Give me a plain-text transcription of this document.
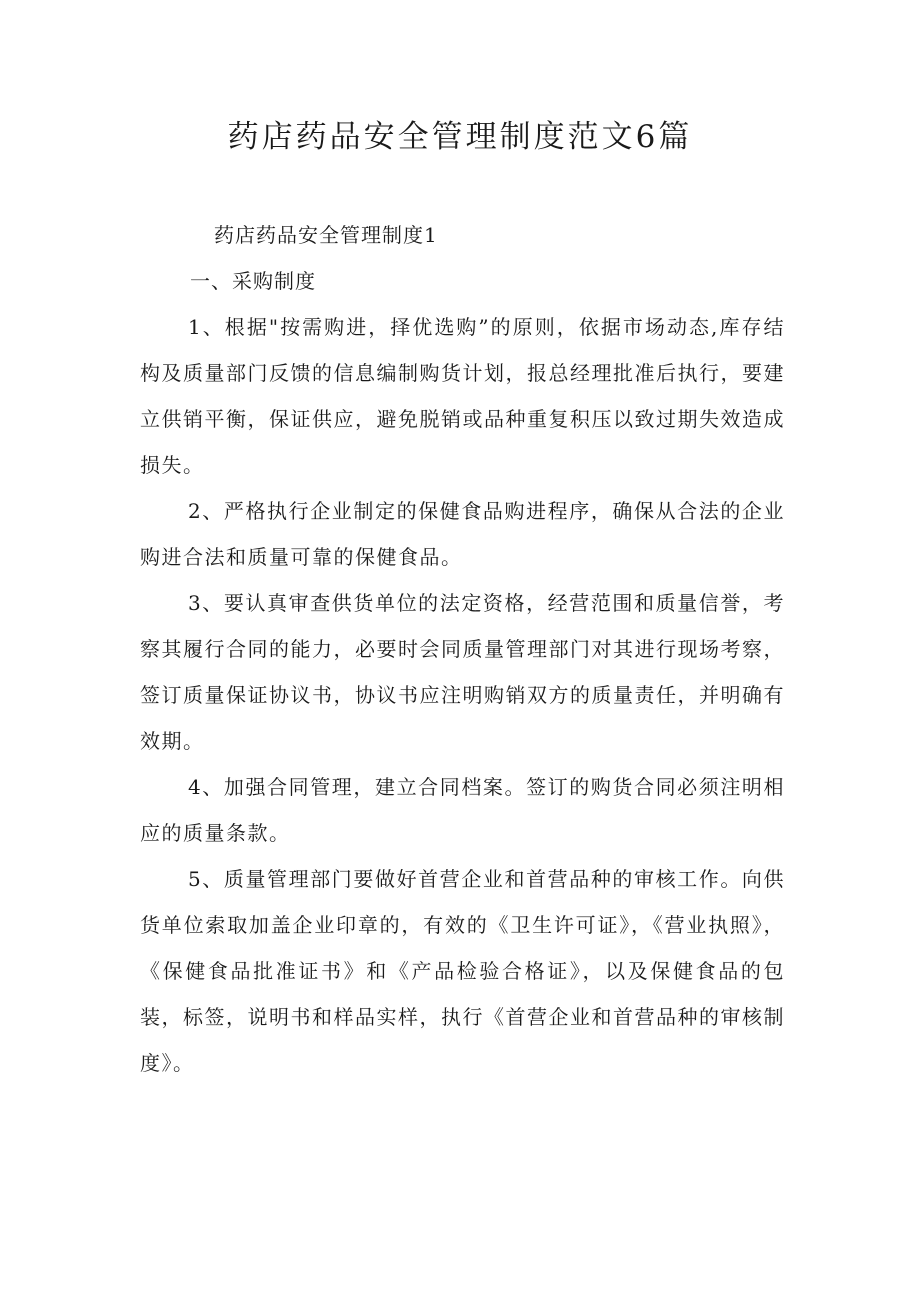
药店药品安全管理制度范文6篇

药店药品安全管理制度1

一、采购制度

1、根据"按需购进，择优选购”的原则，依据市场动态,库存结构及质量部门反馈的信息编制购货计划，报总经理批准后执行，要建立供销平衡，保证供应，避免脱销或品种重复积压以致过期失效造成损失。

2、严格执行企业制定的保健食品购进程序，确保从合法的企业购进合法和质量可靠的保健食品。

3、要认真审查供货单位的法定资格，经营范围和质量信誉，考察其履行合同的能力，必要时会同质量管理部门对其进行现场考察，签订质量保证协议书，协议书应注明购销双方的质量责任，并明确有效期。

4、加强合同管理，建立合同档案。签订的购货合同必须注明相应的质量条款。

5、质量管理部门要做好首营企业和首营品种的审核工作。向供货单位索取加盖企业印章的，有效的《卫生许可证》，《营业执照》，《保健食品批准证书》和《产品检验合格证》，以及保健食品的包装，标签，说明书和样品实样，执行《首营企业和首营品种的审核制度》。
